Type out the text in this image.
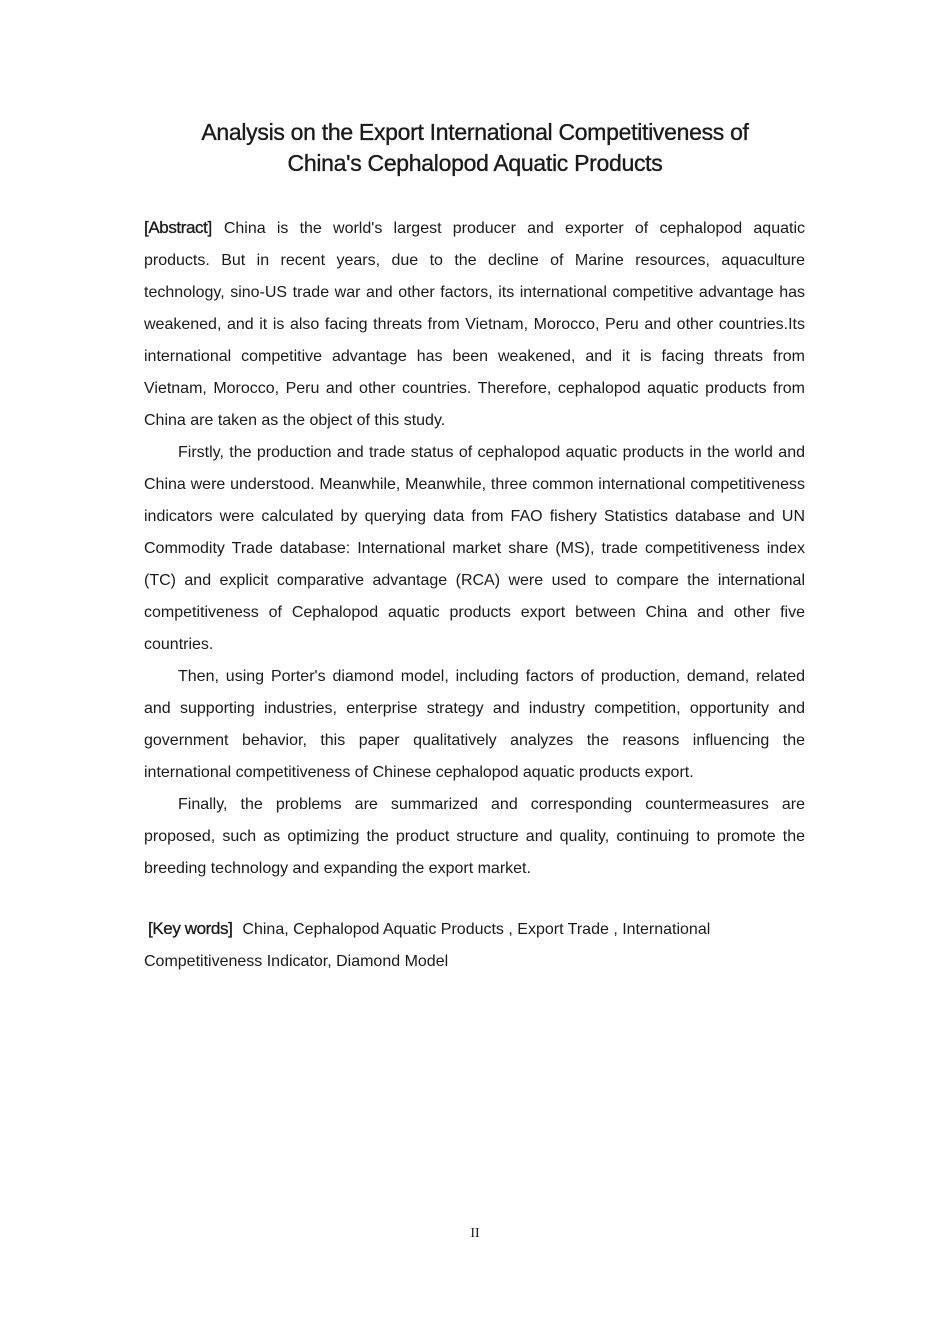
Analysis on the Export International Competitiveness of
China's Cephalopod Aquatic Products

[Abstract] China is the world's largest producer and exporter of cephalopod aquatic products. But in recent years, due to the decline of Marine resources, aquaculture technology, sino-US trade war and other factors, its international competitive advantage has weakened, and it is also facing threats from Vietnam, Morocco, Peru and other countries.Its international competitive advantage has been weakened, and it is facing threats from Vietnam, Morocco, Peru and other countries. Therefore, cephalopod aquatic products from China are taken as the object of this study.

Firstly, the production and trade status of cephalopod aquatic products in the world and China were understood. Meanwhile, Meanwhile, three common international competitiveness indicators were calculated by querying data from FAO fishery Statistics database and UN Commodity Trade database: International market share (MS), trade competitiveness index (TC) and explicit comparative advantage (RCA) were used to compare the international competitiveness of Cephalopod aquatic products export between China and other five countries.

Then, using Porter's diamond model, including factors of production, demand, related and supporting industries, enterprise strategy and industry competition, opportunity and government behavior, this paper qualitatively analyzes the reasons influencing the international competitiveness of Chinese cephalopod aquatic products export.

Finally, the problems are summarized and corresponding countermeasures are proposed, such as optimizing the product structure and quality, continuing to promote the breeding technology and expanding the export market.

[Key words] China, Cephalopod Aquatic Products , Export Trade , International Competitiveness Indicator, Diamond Model

II
